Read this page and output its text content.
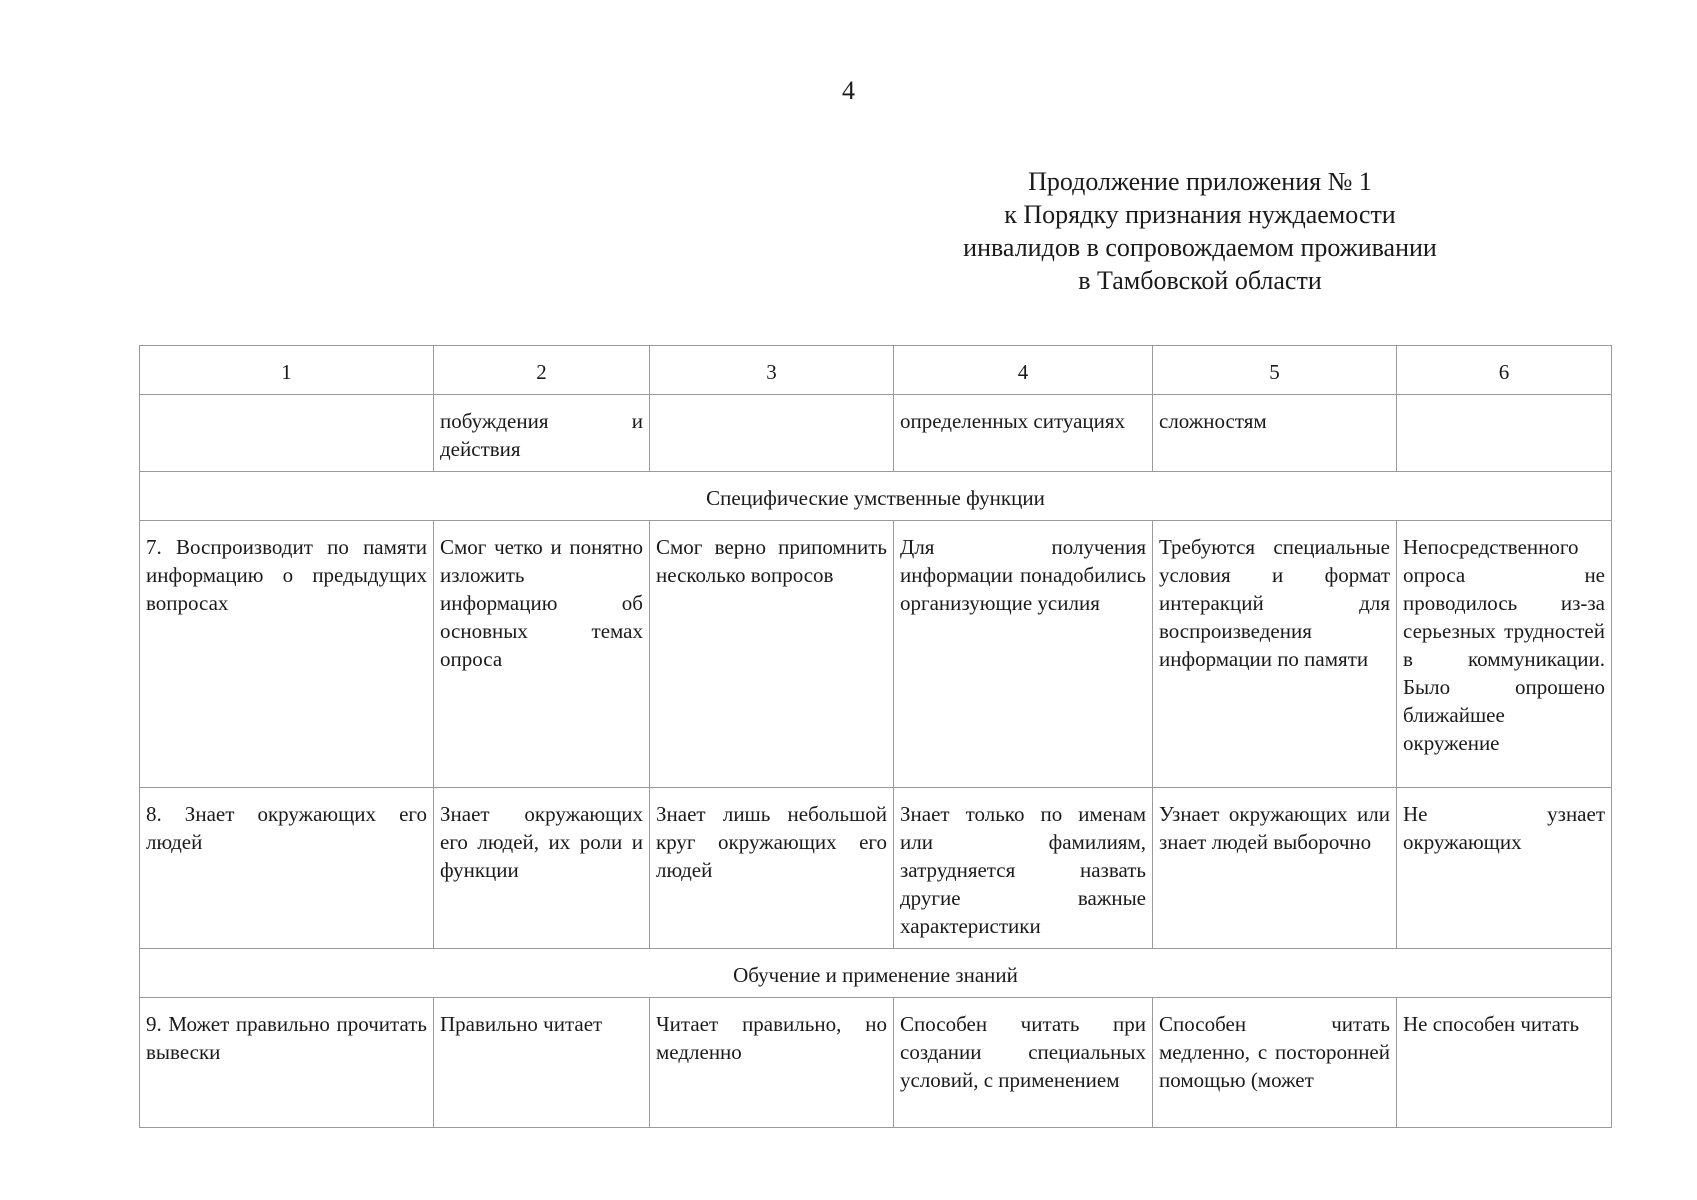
4
Продолжение приложения № 1
к Порядку признания нуждаемости
инвалидов в сопровождаемом проживании
в Тамбовской области
1	2	3	4	5	6
	побуждения и действия		определенных ситуациях	сложностям	
Специфические умственные функции					
7. Воспроизводит по памяти информацию о предыдущих вопросах	Смог четко и понятно изложить информацию об основных темах опроса	Смог верно припомнить несколько вопросов	Для получения информации понадобились организующие усилия	Требуются специальные условия и формат интеракций для воспроизведения информации по памяти	Непосредственного опроса не проводилось из-за серьезных трудностей в коммуникации. Было опрошено ближайшее окружение
8. Знает окружающих его людей	Знает окружающих его людей, их роли и функции	Знает лишь небольшой круг окружающих его людей	Знает только по именам или фамилиям, затрудняется назвать другие важные характеристики	Узнает окружающих или знает людей выборочно	Не узнает окружающих
Обучение и применение знаний					
9. Может правильно прочитать вывески	Правильно читает	Читает правильно, но медленно	Способен читать при создании специальных условий, с применением	Способен читать медленно, с посторонней помощью (может	Не способен читать
